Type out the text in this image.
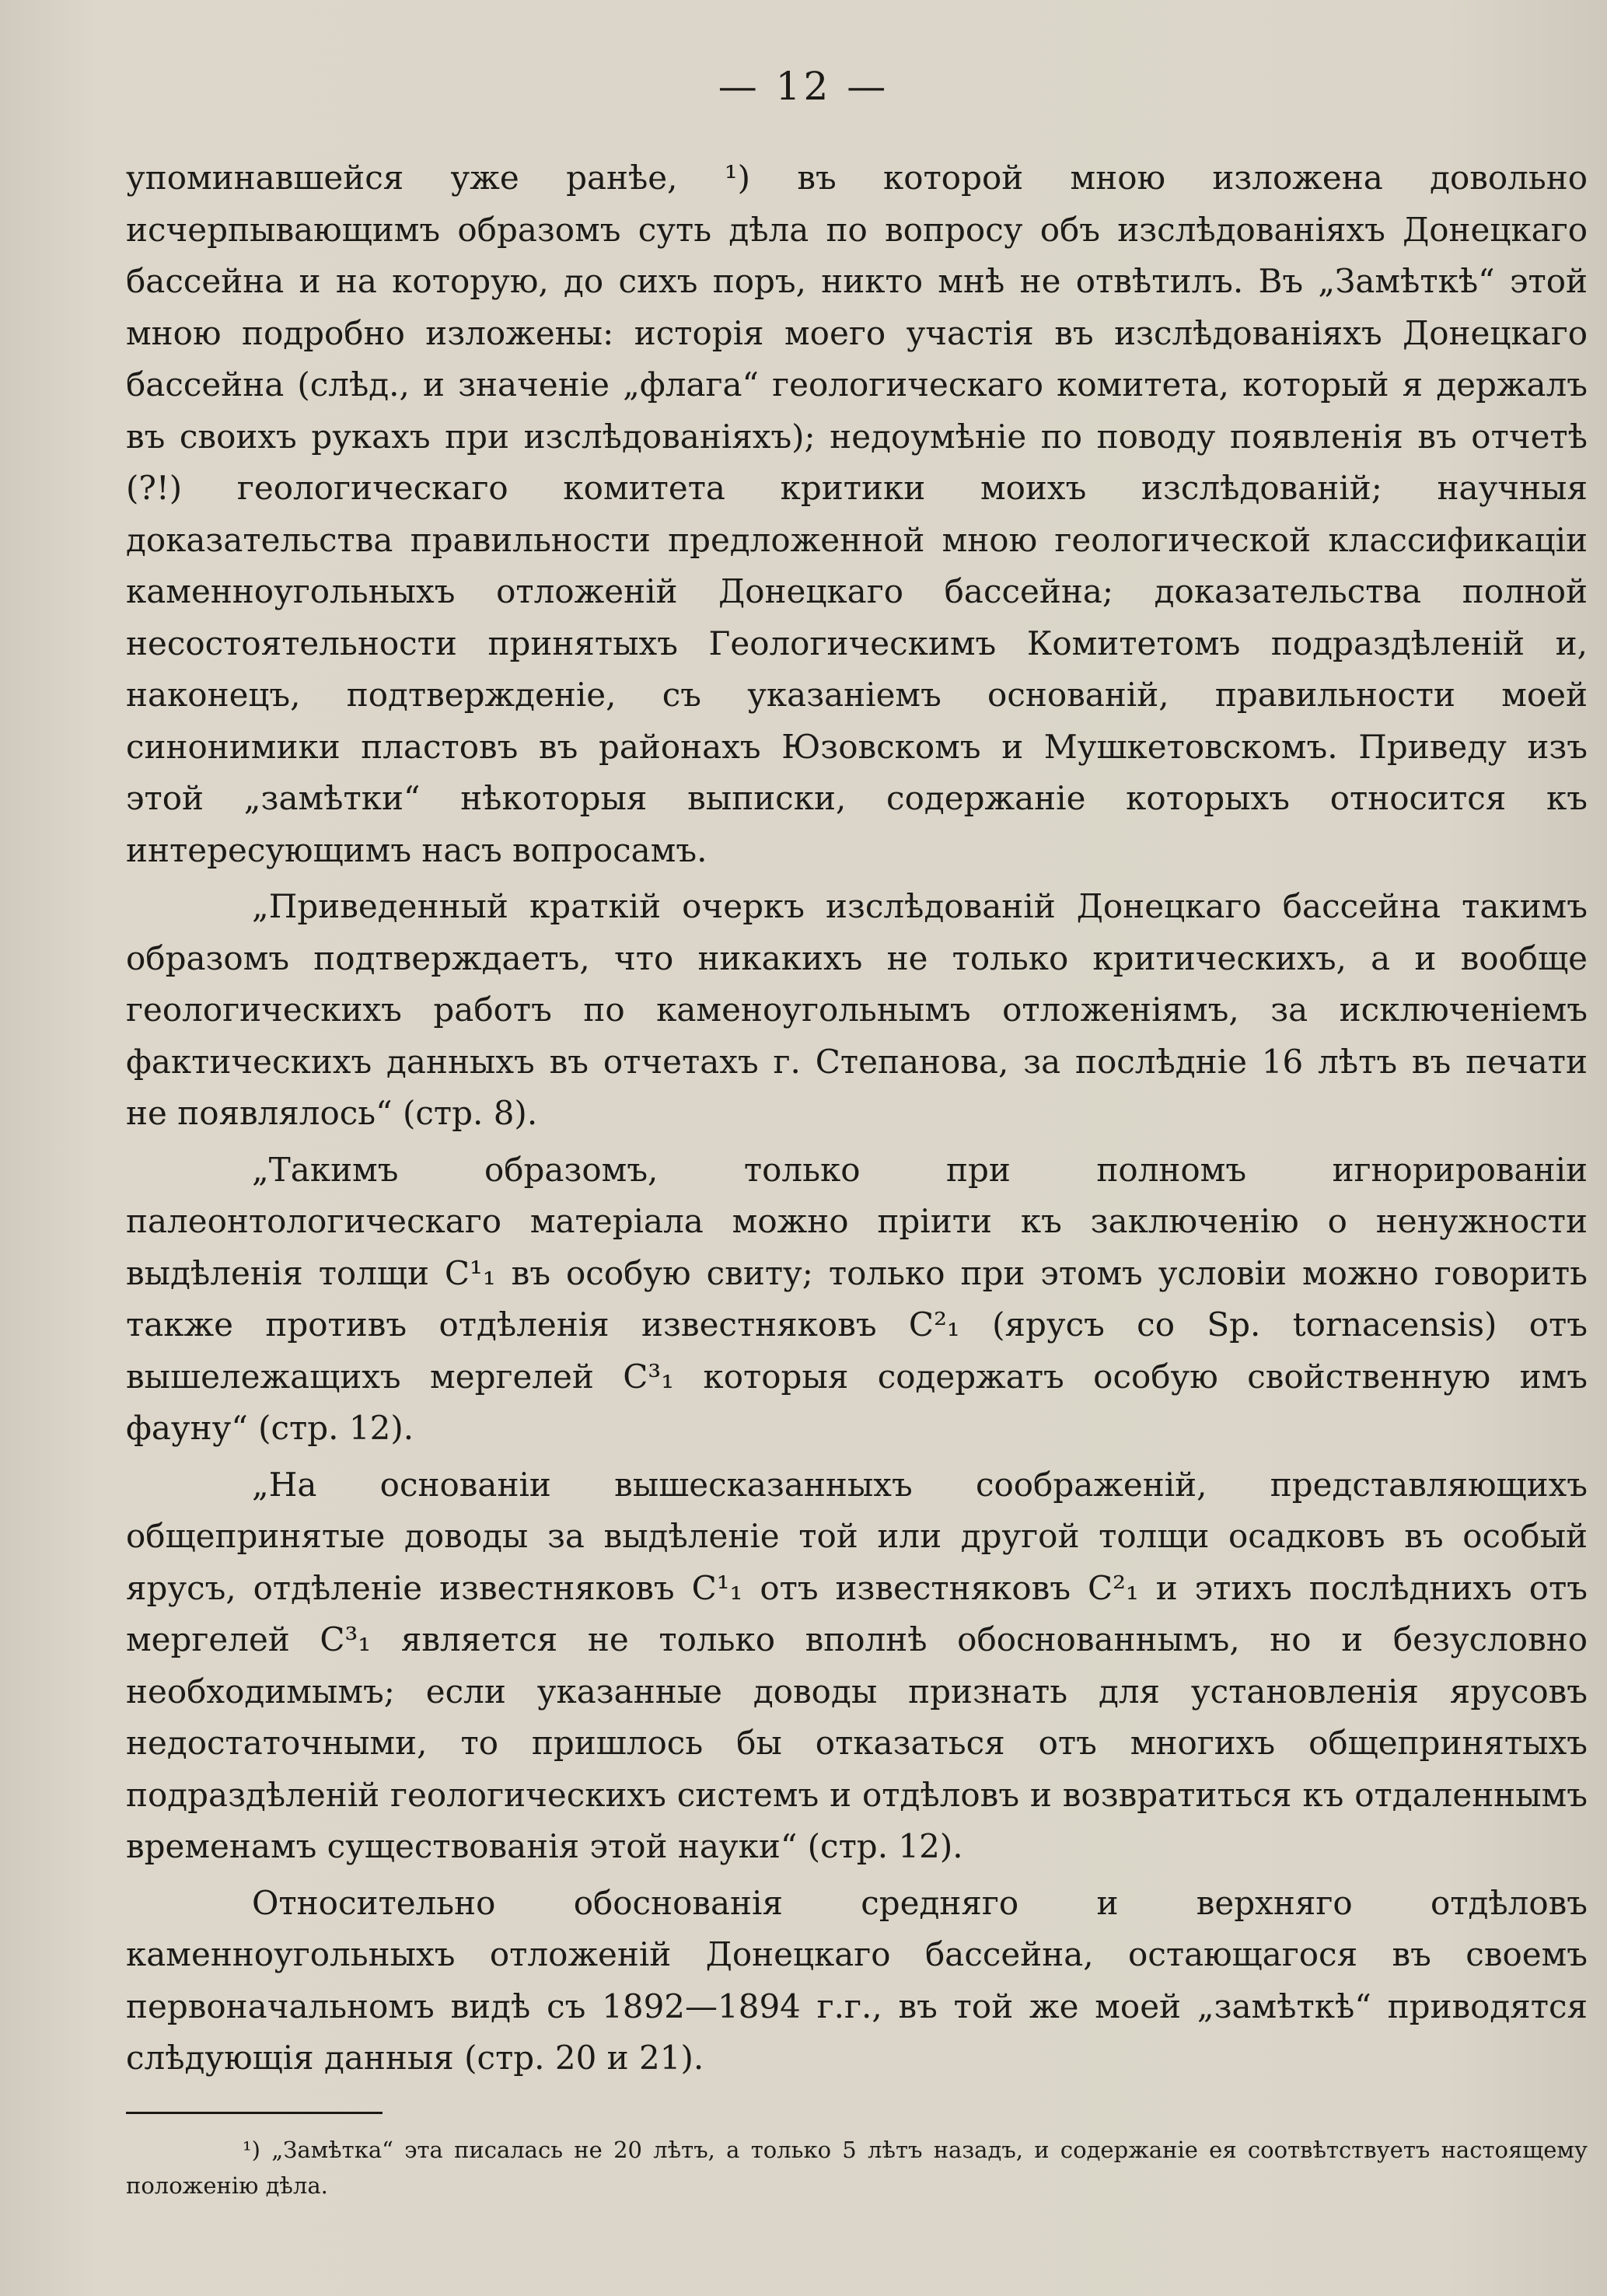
— 12 —

упоминавшейся уже ранѣе, ¹) въ которой мною изложена довольно исчерпывающимъ образомъ суть дѣла по вопросу объ изслѣдованіяхъ Донецкаго бассейна и на которую, до сихъ поръ, никто мнѣ не отвѣтилъ. Въ „Замѣткѣ“ этой мною подробно изложены: исторія моего участія въ изслѣдованіяхъ Донецкаго бассейна (слѣд., и значеніе „флага“ геологическаго комитета, который я держалъ въ своихъ рукахъ при изслѣдованіяхъ); недоумѣніе по поводу появленія въ отчетѣ (?!) геологическаго комитета критики моихъ изслѣдованій; научныя доказательства правильности предложенной мною геологической классификаціи каменноугольныхъ отложеній Донецкаго бассейна; доказательства полной несостоятельности принятыхъ Геологическимъ Комитетомъ подраздѣленій и, наконецъ, подтвержденіе, съ указаніемъ основаній, правильности моей синонимики пластовъ въ районахъ Юзовскомъ и Мушкетовскомъ. Приведу изъ этой „замѣтки“ нѣкоторыя выписки, содержаніе которыхъ относится къ интересующимъ насъ вопросамъ.

„Приведенный краткій очеркъ изслѣдованій Донецкаго бассейна такимъ образомъ подтверждаетъ, что никакихъ не только критическихъ, а и вообще геологическихъ работъ по каменоугольнымъ отложеніямъ, за исключеніемъ фактическихъ данныхъ въ отчетахъ г. Степанова, за послѣдніе 16 лѣтъ въ печати не появлялось“ (стр. 8).

„Такимъ образомъ, только при полномъ игнорированіи палеонтологическаго матеріала можно пріити къ заключенію о ненужности выдѣленія толщи C¹₁ въ особую свиту; только при этомъ условіи можно говорить также противъ отдѣленія известняковъ C²₁ (ярусъ со Sp. tornacensis) отъ вышележащихъ мергелей C³₁ которыя содержатъ особую свойственную имъ фауну“ (стр. 12).

„На основаніи вышесказанныхъ соображеній, представляющихъ общепринятые доводы за выдѣленіе той или другой толщи осадковъ въ особый ярусъ, отдѣленіе известняковъ C¹₁ отъ известняковъ C²₁ и этихъ послѣднихъ отъ мергелей C³₁ является не только вполнѣ обоснованнымъ, но и безусловно необходимымъ; если указанные доводы признать для установленія ярусовъ недостаточными, то пришлось бы отказаться отъ многихъ общепринятыхъ подраздѣленій геологическихъ системъ и отдѣловъ и возвратиться къ отдаленнымъ временамъ существованія этой науки“ (стр. 12).

Относительно обоснованія средняго и верхняго отдѣловъ каменноугольныхъ отложеній Донецкаго бассейна, остающагося въ своемъ первоначальномъ видѣ съ 1892—1894 г.г., въ той же моей „замѣткѣ“ приводятся слѣдующія данныя (стр. 20 и 21).

¹) „Замѣтка“ эта писалась не 20 лѣтъ, а только 5 лѣтъ назадъ, и содержаніе ея соотвѣтствуетъ настоящему положенію дѣла.
